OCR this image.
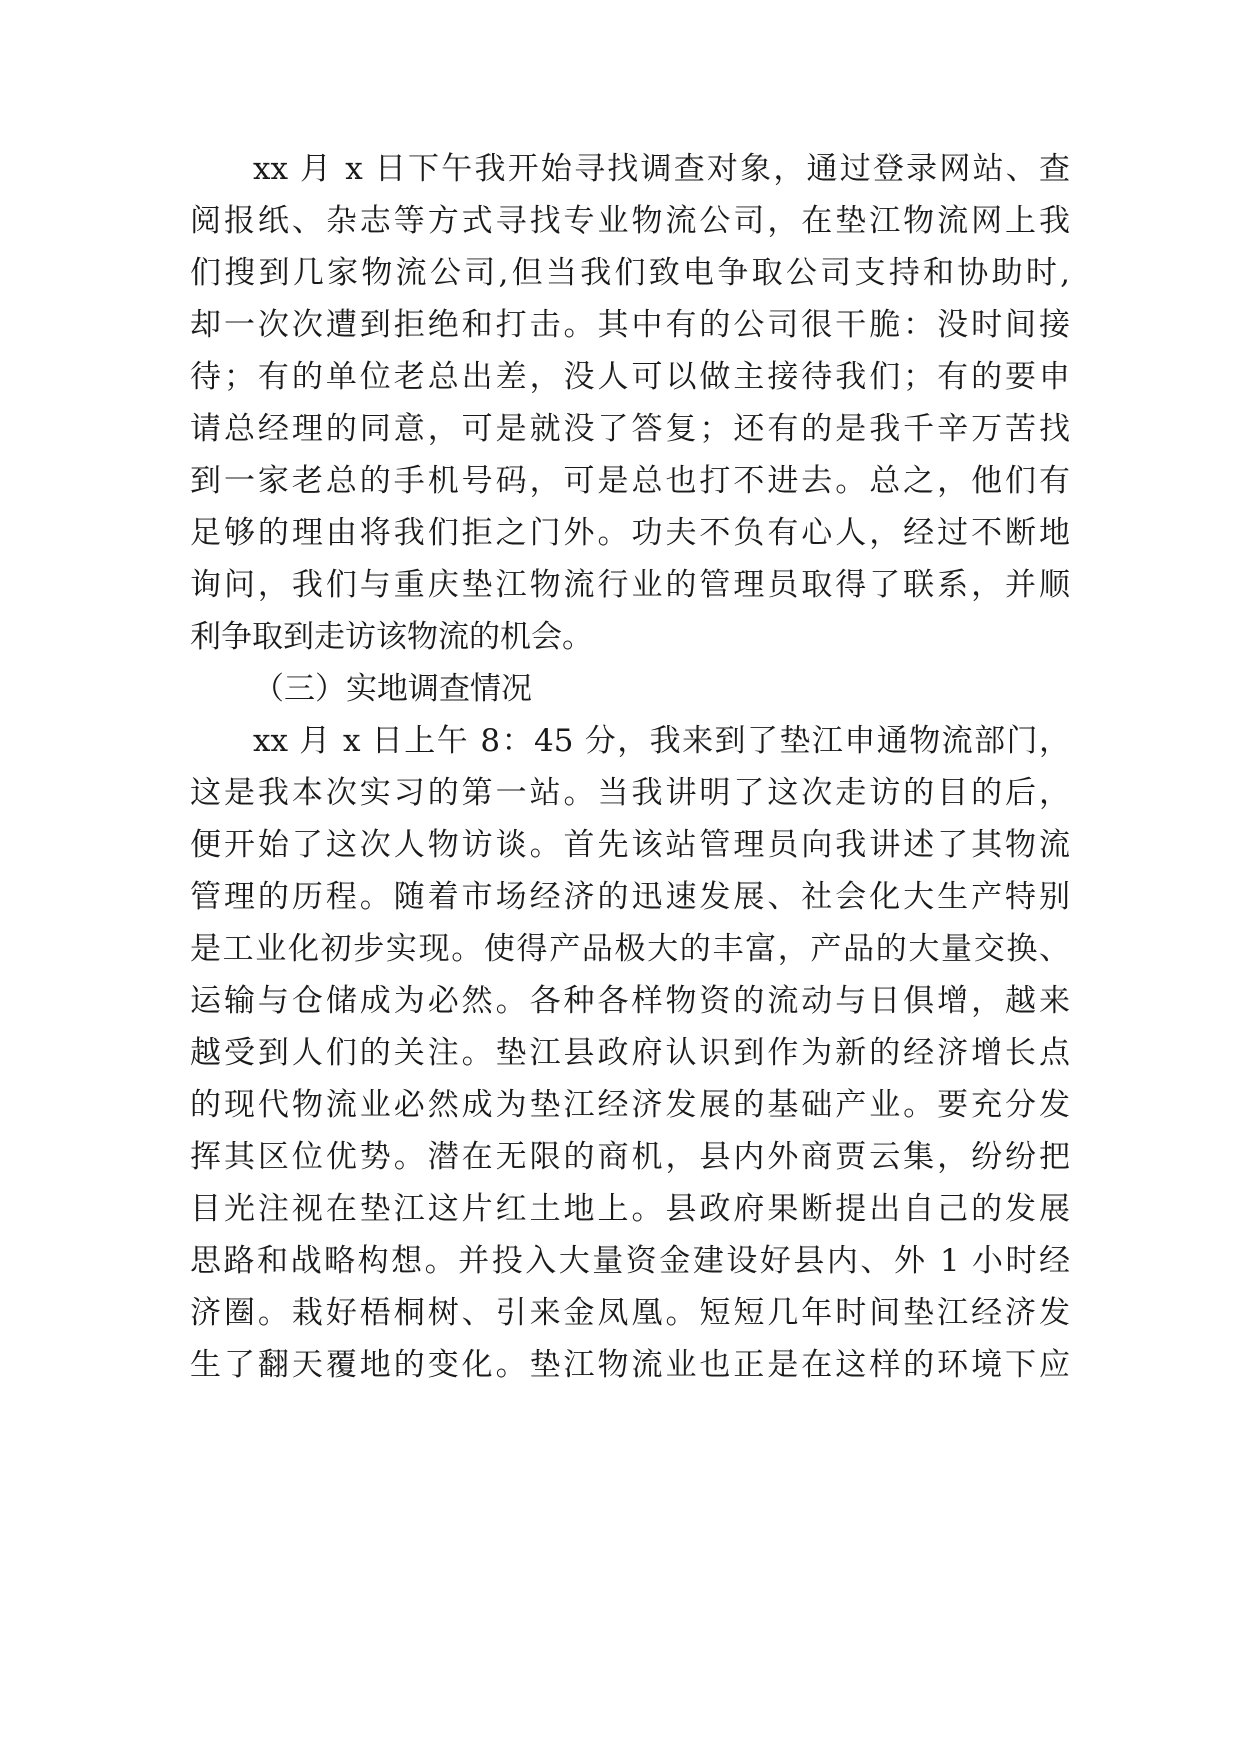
xx 月 x 日下午我开始寻找调查对象，通过登录网站、查
阅报纸、杂志等方式寻找专业物流公司，在垫江物流网上我
们搜到几家物流公司,但当我们致电争取公司支持和协助时,
却一次次遭到拒绝和打击。其中有的公司很干脆：没时间接
待；有的单位老总出差，没人可以做主接待我们；有的要申
请总经理的同意，可是就没了答复；还有的是我千辛万苦找
到一家老总的手机号码，可是总也打不进去。总之，他们有
足够的理由将我们拒之门外。功夫不负有心人，经过不断地
询问，我们与重庆垫江物流行业的管理员取得了联系，并顺
利争取到走访该物流的机会。
（三）实地调查情况
xx 月 x 日上午 8：45 分，我来到了垫江申通物流部门，
这是我本次实习的第一站。当我讲明了这次走访的目的后，
便开始了这次人物访谈。首先该站管理员向我讲述了其物流
管理的历程。随着市场经济的迅速发展、社会化大生产特别
是工业化初步实现。使得产品极大的丰富，产品的大量交换、
运输与仓储成为必然。各种各样物资的流动与日俱增，越来
越受到人们的关注。垫江县政府认识到作为新的经济增长点
的现代物流业必然成为垫江经济发展的基础产业。要充分发
挥其区位优势。潜在无限的商机，县内外商贾云集，纷纷把
目光注视在垫江这片红土地上。县政府果断提出自己的发展
思路和战略构想。并投入大量资金建设好县内、外 1 小时经
济圈。栽好梧桐树、引来金凤凰。短短几年时间垫江经济发
生了翻天覆地的变化。垫江物流业也正是在这样的环境下应
